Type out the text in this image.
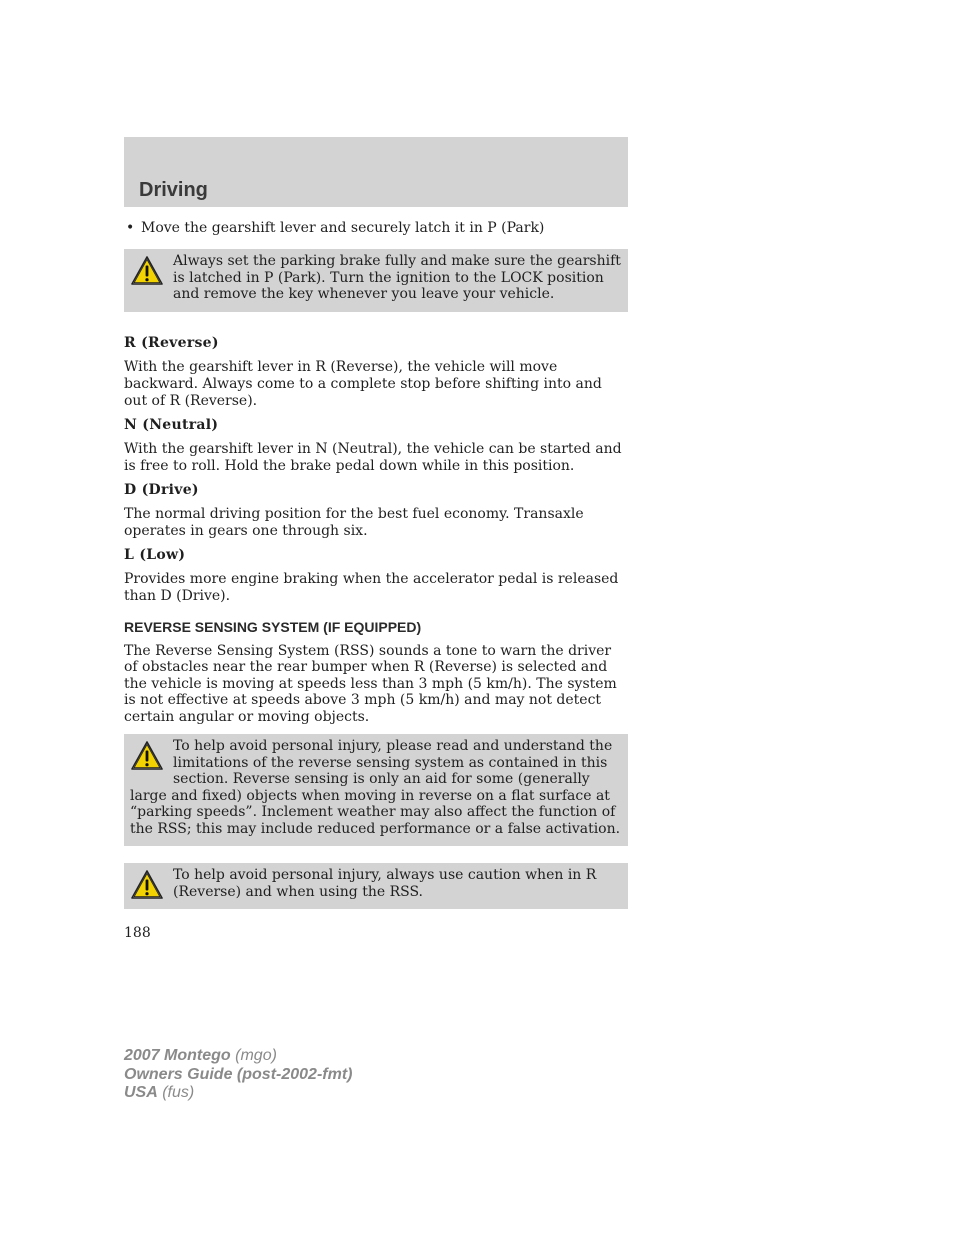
Driving

• Move the gearshift lever and securely latch it in P (Park)

Always set the parking brake fully and make sure the gearshift is latched in P (Park). Turn the ignition to the LOCK position and remove the key whenever you leave your vehicle.
R (Reverse)

With the gearshift lever in R (Reverse), the vehicle will move backward. Always come to a complete stop before shifting into and out of R (Reverse).

N (Neutral)

With the gearshift lever in N (Neutral), the vehicle can be started and is free to roll. Hold the brake pedal down while in this position.

D (Drive)

The normal driving position for the best fuel economy. Transaxle operates in gears one through six.

L (Low)

Provides more engine braking when the accelerator pedal is released than D (Drive).

REVERSE SENSING SYSTEM (IF EQUIPPED)

The Reverse Sensing System (RSS) sounds a tone to warn the driver of obstacles near the rear bumper when R (Reverse) is selected and the vehicle is moving at speeds less than 3 mph (5 km/h). The system is not effective at speeds above 3 mph (5 km/h) and may not detect certain angular or moving objects.

To help avoid personal injury, please read and understand the limitations of the reverse sensing system as contained in this section. Reverse sensing is only an aid for some (generally large and fixed) objects when moving in reverse on a flat surface at “parking speeds”. Inclement weather may also affect the function of the RSS; this may include reduced performance or a false activation.
To help avoid personal injury, always use caution when in R (Reverse) and when using the RSS.
188
2007 Montego (mgo)
Owners Guide (post-2002-fmt)
USA (fus)
